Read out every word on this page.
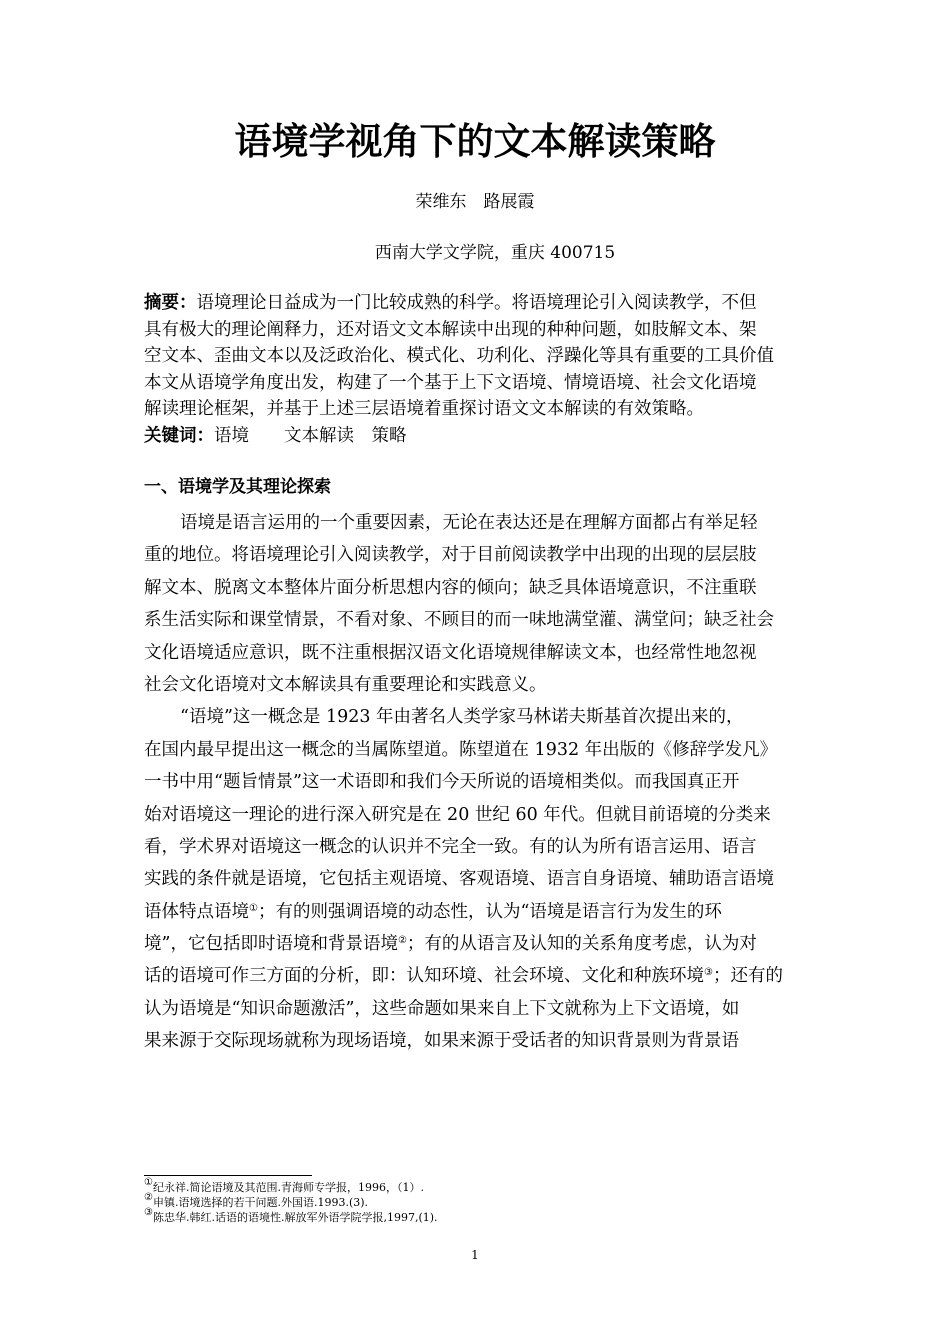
语境学视角下的文本解读策略
荣维东　路展霞
西南大学文学院，重庆 400715
摘要：语境理论日益成为一门比较成熟的科学。将语境理论引入阅读教学，不但
具有极大的理论阐释力，还对语文文本解读中出现的种种问题，如肢解文本、架
空文本、歪曲文本以及泛政治化、模式化、功利化、浮躁化等具有重要的工具价值
本文从语境学角度出发，构建了一个基于上下文语境、情境语境、社会文化语境
解读理论框架，并基于上述三层语境着重探讨语文文本解读的有效策略。
关键词：语境　　文本解读　策略
一、语境学及其理论探索
语境是语言运用的一个重要因素，无论在表达还是在理解方面都占有举足轻
重的地位。将语境理论引入阅读教学，对于目前阅读教学中出现的出现的层层肢
解文本、脱离文本整体片面分析思想内容的倾向；缺乏具体语境意识，不注重联
系生活实际和课堂情景，不看对象、不顾目的而一味地满堂灌、满堂问；缺乏社会
文化语境适应意识，既不注重根据汉语文化语境规律解读文本，也经常性地忽视
社会文化语境对文本解读具有重要理论和实践意义。
“语境”这一概念是 1923 年由著名人类学家马林诺夫斯基首次提出来的，
在国内最早提出这一概念的当属陈望道。陈望道在 1932 年出版的《修辞学发凡》
一书中用“题旨情景”这一术语即和我们今天所说的语境相类似。而我国真正开
始对语境这一理论的进行深入研究是在 20 世纪 60 年代。但就目前语境的分类来
看，学术界对语境这一概念的认识并不完全一致。有的认为所有语言运用、语言
实践的条件就是语境，它包括主观语境、客观语境、语言自身语境、辅助语言语境
语体特点语境①；有的则强调语境的动态性，认为“语境是语言行为发生的环
境”，它包括即时语境和背景语境②；有的从语言及认知的关系角度考虑，认为对
话的语境可作三方面的分析，即：认知环境、社会环境、文化和种族环境③；还有的
认为语境是“知识命题激活”，这些命题如果来自上下文就称为上下文语境，如
果来源于交际现场就称为现场语境，如果来源于受话者的知识背景则为背景语
①纪永祥.简论语境及其范围.青海师专学报，1996，（1）.
②申镇.语境选择的若干问题.外国语.1993.(3).
③陈忠华.韩红.话语的语境性.解放军外语学院学报,1997,(1).
1
